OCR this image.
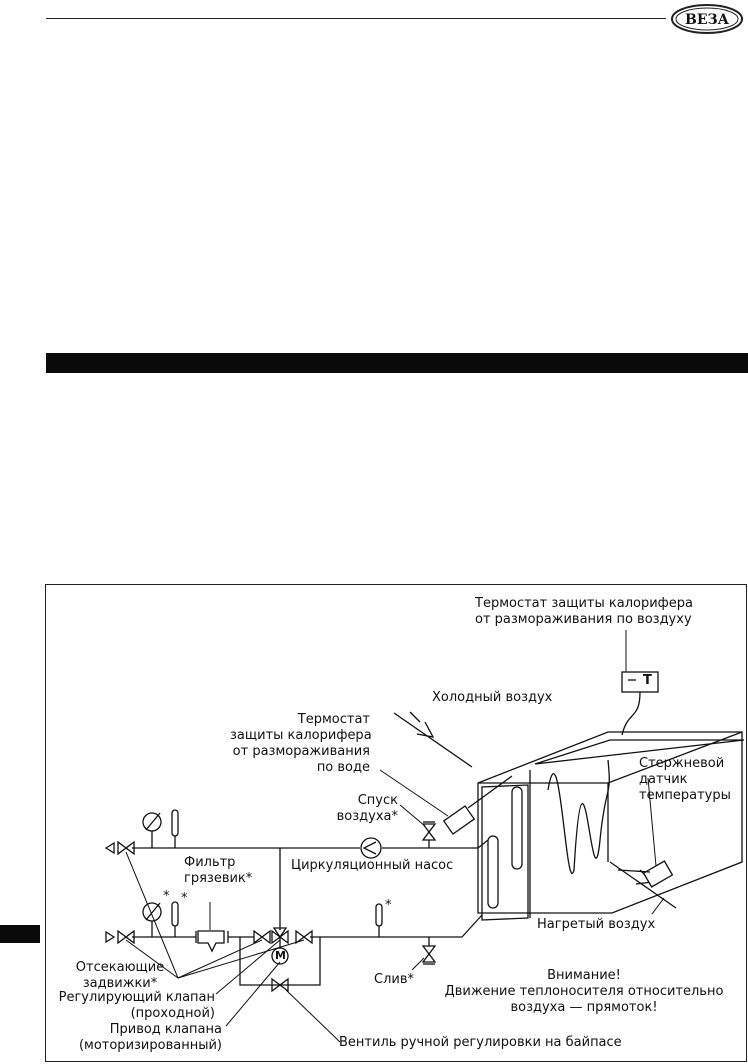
ВЕЗА
Термостат защиты калорифера
от размораживания по воздуху
T
Холодный воздух
Термостат
защиты калорифера
от размораживания
по воде	Стержневой
датчик
температуры
Спуск
воздуха*
Фильтр
грязевик*
Циркуляционный насос
* *	*
Нагретый воздух
M
Отсекающие
задвижки*
Регулирующий клапан
(проходной)
Привод клапана
(моторизированный)
Слив*	Внимание!
Движение теплоносителя относительно
воздуха — прямоток!
Вентиль ручной регулировки на байпасе
